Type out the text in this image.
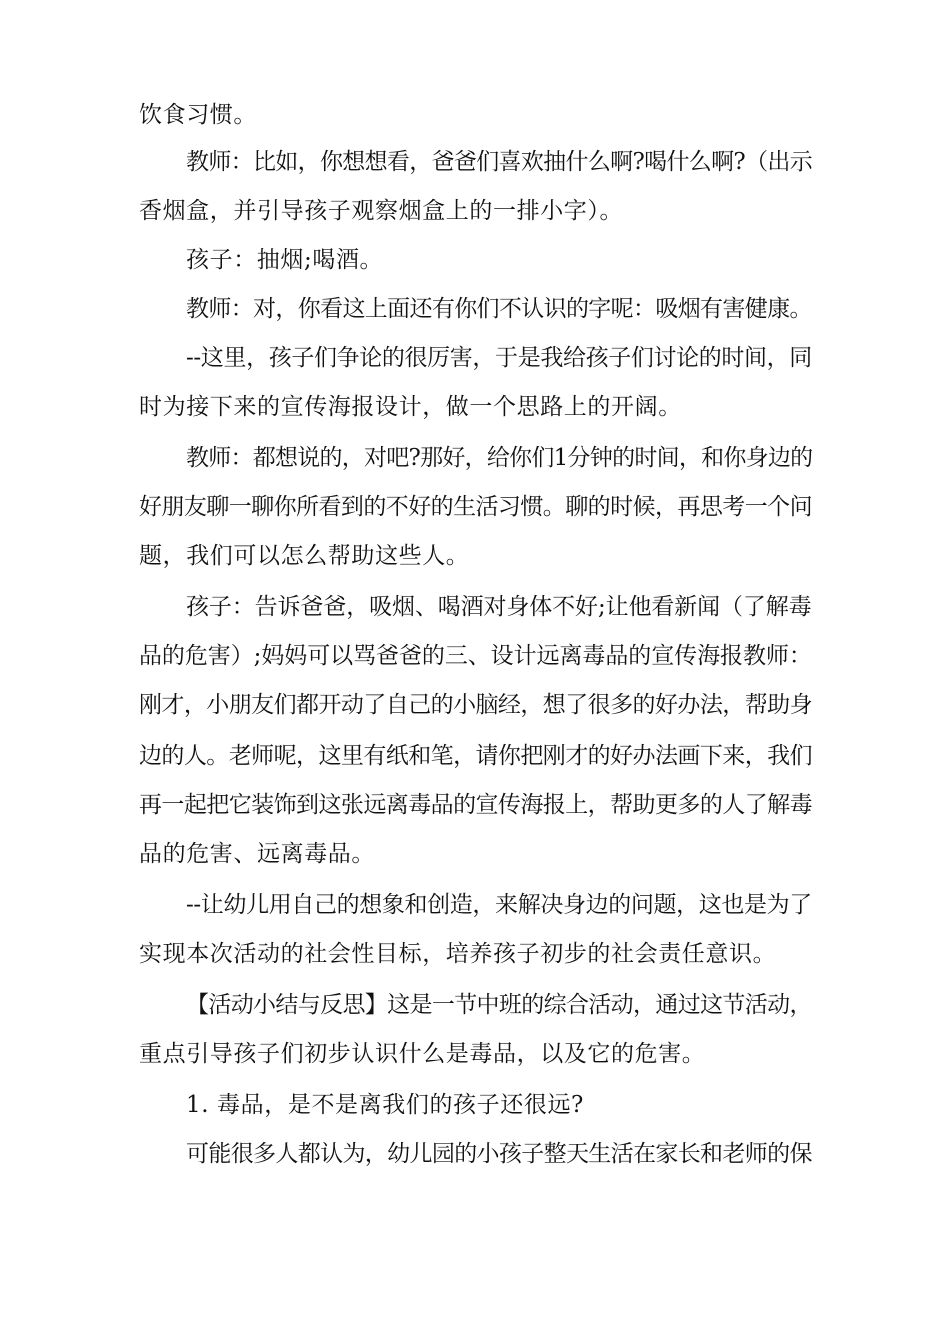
饮食习惯。
教师：比如，你想想看，爸爸们喜欢抽什么啊?喝什么啊?（出示
香烟盒，并引导孩子观察烟盒上的一排小字）。
孩子：抽烟;喝酒。
教师：对，你看这上面还有你们不认识的字呢：吸烟有害健康。
--这里，孩子们争论的很厉害，于是我给孩子们讨论的时间，同
时为接下来的宣传海报设计，做一个思路上的开阔。
教师：都想说的，对吧?那好，给你们1分钟的时间，和你身边的
好朋友聊一聊你所看到的不好的生活习惯。聊的时候，再思考一个问
题，我们可以怎么帮助这些人。
孩子：告诉爸爸，吸烟、喝酒对身体不好;让他看新闻（了解毒
品的危害）;妈妈可以骂爸爸的三、设计远离毒品的宣传海报教师：
刚才，小朋友们都开动了自己的小脑经，想了很多的好办法，帮助身
边的人。老师呢，这里有纸和笔，请你把刚才的好办法画下来，我们
再一起把它装饰到这张远离毒品的宣传海报上，帮助更多的人了解毒
品的危害、远离毒品。
--让幼儿用自己的想象和创造，来解决身边的问题，这也是为了
实现本次活动的社会性目标，培养孩子初步的社会责任意识。
【活动小结与反思】这是一节中班的综合活动，通过这节活动，
重点引导孩子们初步认识什么是毒品，以及它的危害。
1. 毒品，是不是离我们的孩子还很远?
可能很多人都认为，幼儿园的小孩子整天生活在家长和老师的保
